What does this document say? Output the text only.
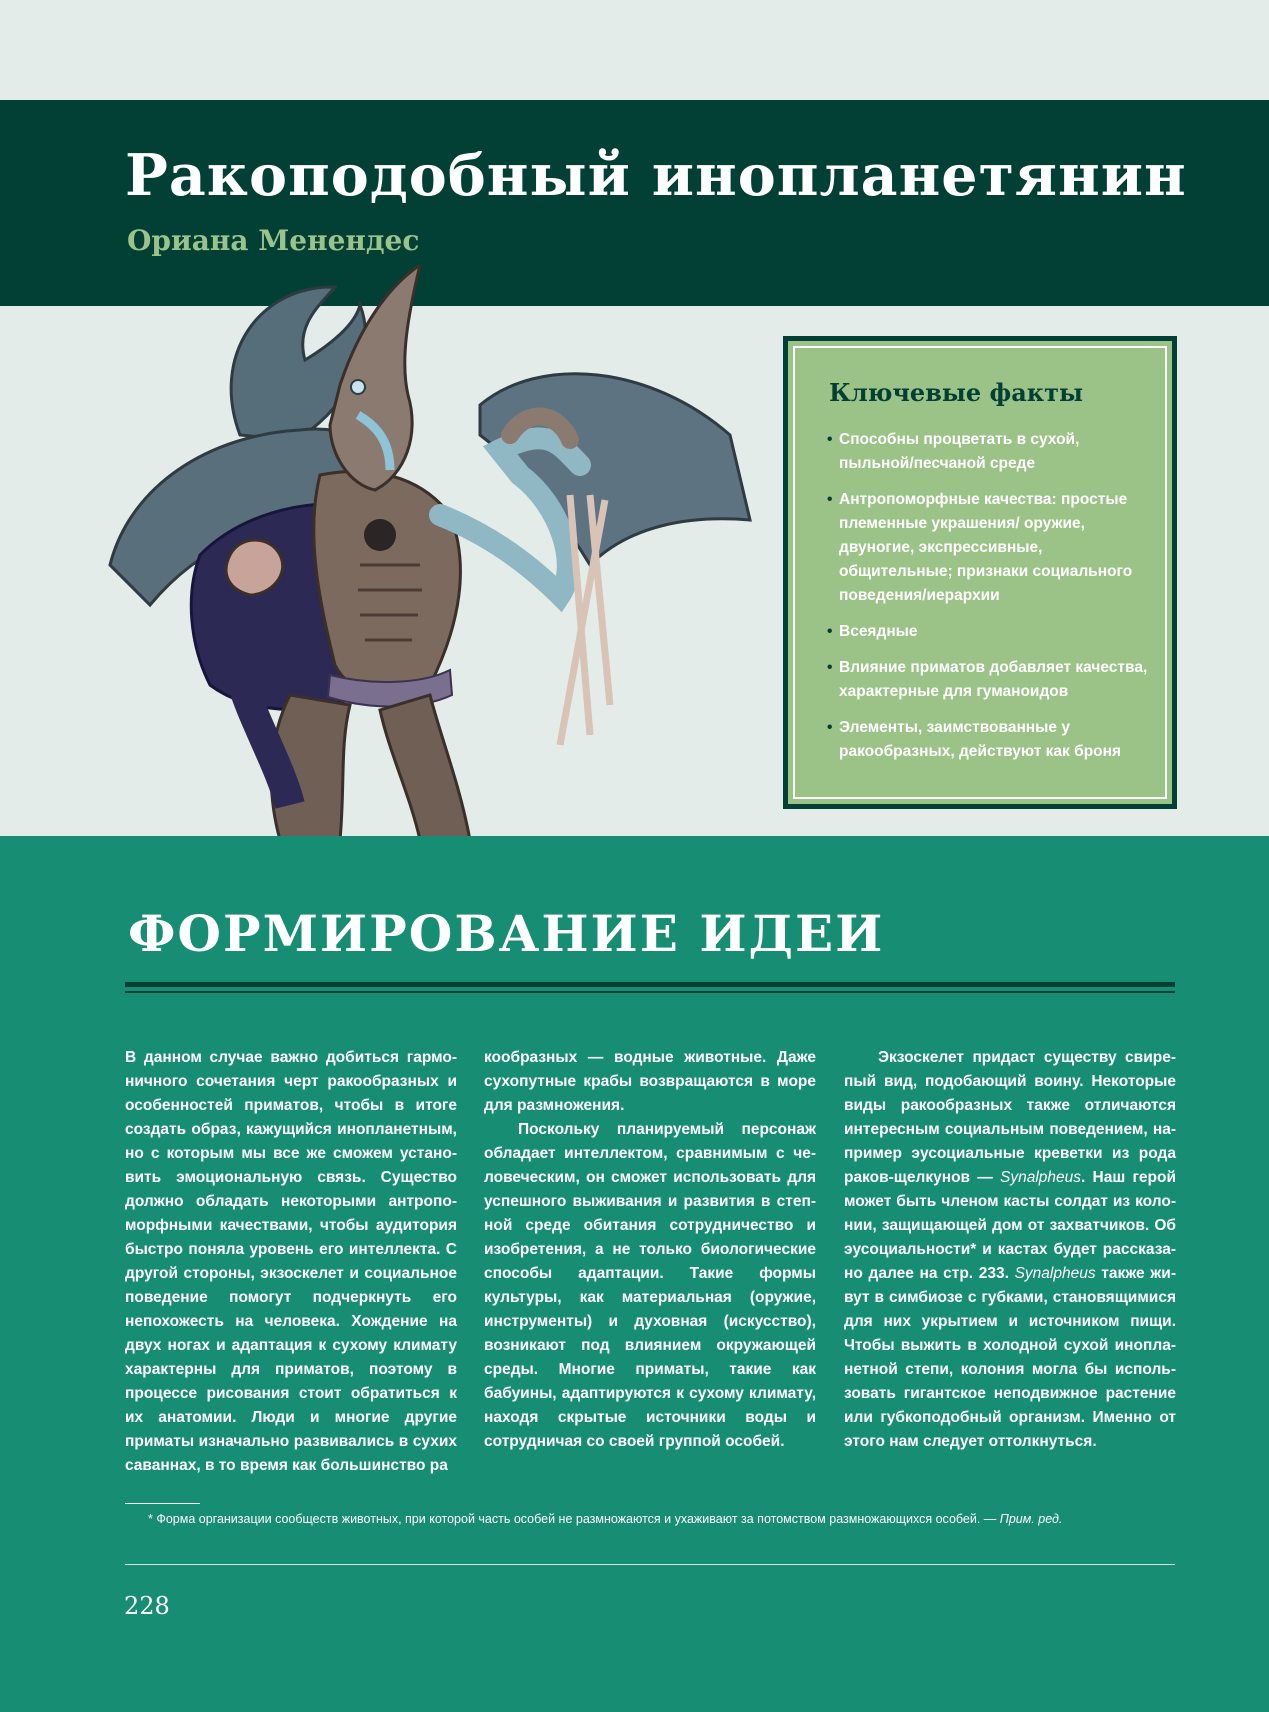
Ракоподобный инопланетянин
Ориана Менендес
Ключевые факты
• Способны процветать в сухой, пыльной/песчаной среде
• Антропоморфные качества: простые племенные украшения/ оружие, двуногие, экспрессивные, общительные; признаки социального поведения/иерархии
• Всеядные
• Влияние приматов добавляет качества, характерные для гуманоидов
• Элементы, заимствованные у ракообразных, действуют как броня
ФОРМИРОВАНИЕ ИДЕИ

В данном случае важно добиться гармоничного сочетания черт ракообразных и особенностей приматов, чтобы в итоге создать образ, кажущийся инопланетным, но с которым мы все же сможем установить эмоциональную связь. Существо должно обладать некоторыми антропоморфными качествами, чтобы аудитория быстро поняла уровень его интеллекта. С другой стороны, экзоскелет и социальное поведение помогут подчеркнуть его непохожесть на человека. Хождение на двух ногах и адаптация к сухому климату характерны для приматов, поэтому в процессе рисования стоит обратиться к их анатомии. Люди и многие другие приматы изначально развивались в сухих саваннах, в то время как большинство ра

кообразных — водные животные. Даже сухопутные крабы возвращаются в море для размножения.

Поскольку планируемый персонаж обладает интеллектом, сравнимым с человеческим, он сможет использовать для успешного выживания и развития в степной среде обитания сотрудничество и изобретения, а не только биологические способы адаптации. Такие формы культуры, как материальная (оружие, инструменты) и духовная (искусство), возникают под влиянием окружающей среды. Многие приматы, такие как бабуины, адаптируются к сухому климату, находя скрытые источники воды и сотрудничая со своей группой особей.

Экзоскелет придаст существу свирепый вид, подобающий воину. Некоторые виды ракообразных также отличаются интересным социальным поведением, например эусоциальные креветки из рода раков-щелкунов — Synalpheus. Наш герой может быть членом касты солдат из колонии, защищающей дом от захватчиков. Об эусоциальности* и кастах будет рассказано далее на стр. 233. Synalpheus также живут в симбиозе с губками, становящимися для них укрытием и источником пищи. Чтобы выжить в холодной сухой инопланетной степи, колония могла бы использовать гигантское неподвижное растение или губкоподобный организм. Именно от этого нам следует оттолкнуться.

* Форма организации сообществ животных, при которой часть особей не размножаются и ухаживают за потомством размножающихся особей. — Прим. ред.
228
